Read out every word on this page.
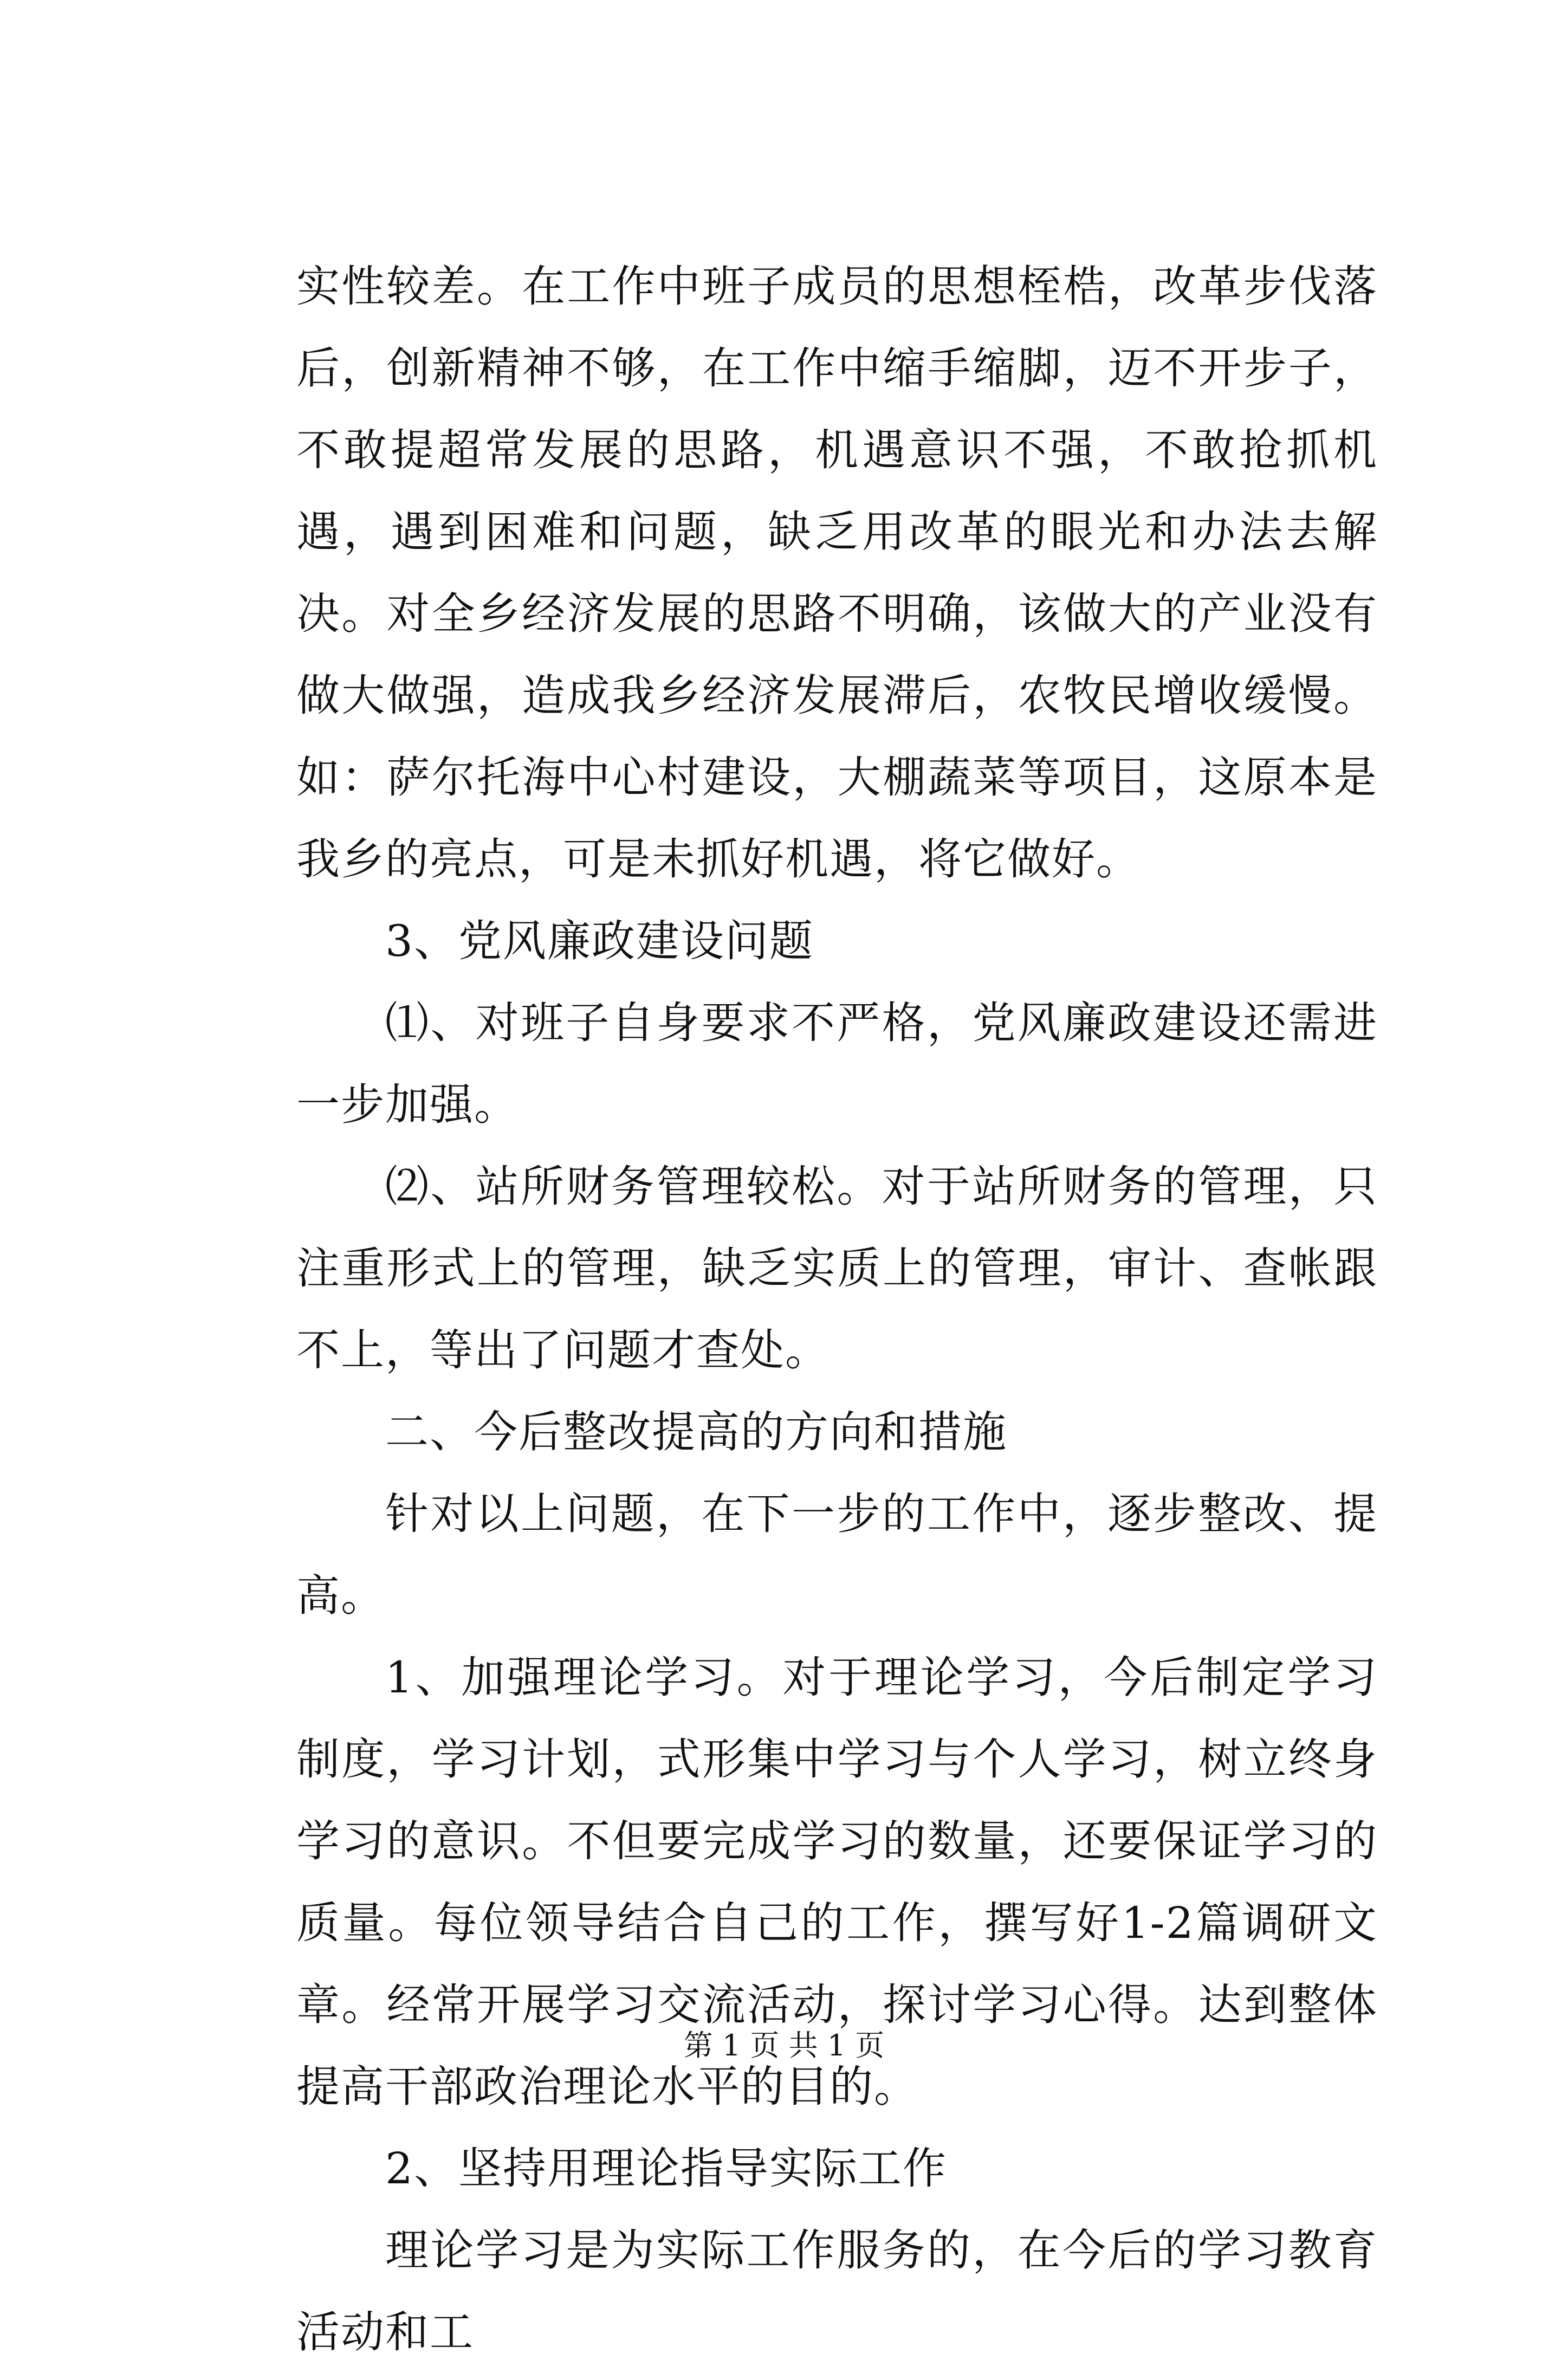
实性较差。在工作中班子成员的思想桎梏，改革步伐落后，创新精神不够，在工作中缩手缩脚，迈不开步子，不敢提超常发展的思路，机遇意识不强，不敢抢抓机遇，遇到困难和问题，缺乏用改革的眼光和办法去解决。对全乡经济发展的思路不明确，该做大的产业没有做大做强，造成我乡经济发展滞后，农牧民增收缓慢。如：萨尔托海中心村建设，大棚蔬菜等项目，这原本是我乡的亮点，可是未抓好机遇，将它做好。

3、党风廉政建设问题

⑴、对班子自身要求不严格，党风廉政建设还需进一步加强。

⑵、站所财务管理较松。对于站所财务的管理，只注重形式上的管理，缺乏实质上的管理，审计、查帐跟不上，等出了问题才查处。

二、今后整改提高的方向和措施

针对以上问题，在下一步的工作中，逐步整改、提高。

1、加强理论学习。对于理论学习，今后制定学习制度，学习计划，式形集中学习与个人学习，树立终身学习的意识。不但要完成学习的数量，还要保证学习的质量。每位领导结合自己的工作，撰写好1-2篇调研文章。经常开展学习交流活动，探讨学习心得。达到整体提高干部政治理论水平的目的。

2、坚持用理论指导实际工作

理论学习是为实际工作服务的，在今后的学习教育活动和工

第 1 页 共 1 页
